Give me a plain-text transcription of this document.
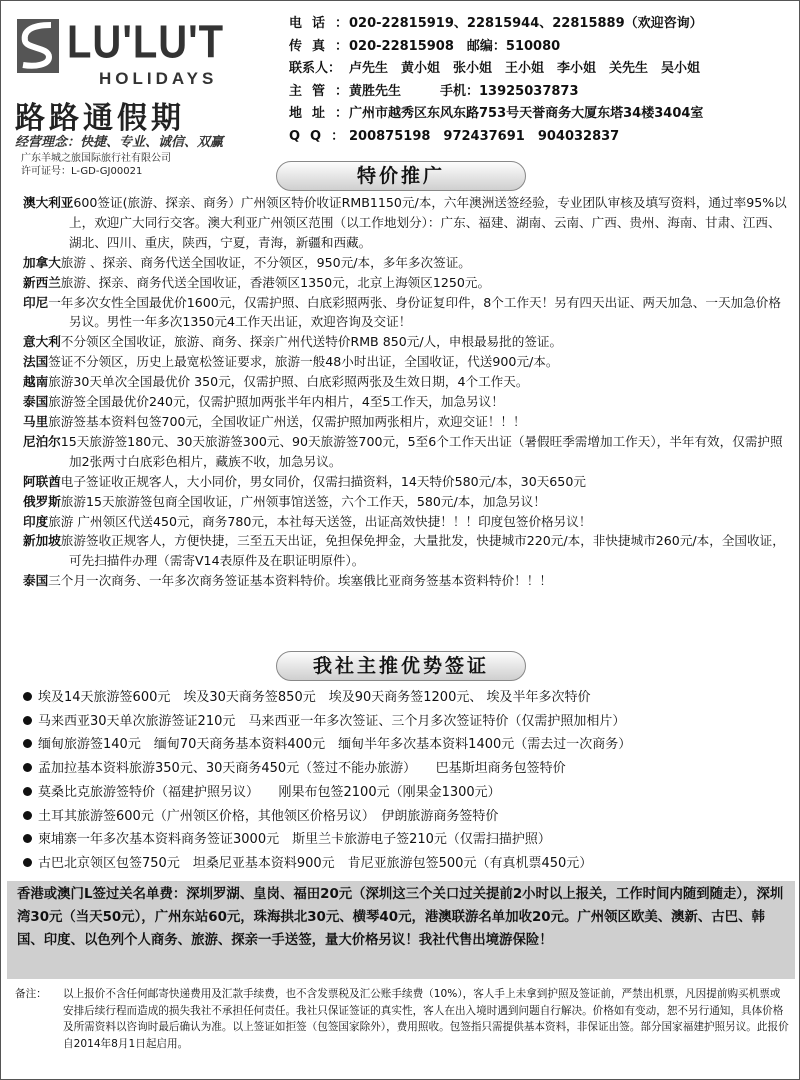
LU'LU'T
HOLIDAYS
路路通假期
经营理念：快捷、专业、诚信、双赢
广东羊城之旅国际旅行社有限公司
许可证号：L-GD-GJ00021
电话：
020-22815919、22815944、22815889（欢迎咨询）
传真：
020-22815908　邮编：510080
联系人： 卢先生　黄小姐　张小姐　王小姐　李小姐　关先生　吴小姐
主管：
黄胜先生　　　手机：13925037873
地址：
广州市越秀区东风东路753号天誉商务大厦东塔34楼3404室
QQ：
200875198　972437691　904032837
特价推广
澳大利亚600签证(旅游、探亲、商务）广州领区特价收证RMB1150元/本，六年澳洲送签经验，专业团队审核及填写资料，通过率95%以上，欢迎广大同行交客。澳大利亚广州领区范围（以工作地划分）：广东、福建、湖南、云南、广西、贵州、海南、甘肃、江西、湖北、四川、重庆，陕西，宁夏，青海，新疆和西藏。
加拿大旅游 、探亲、商务代送全国收证，不分领区，950元/本，多年多次签证。
新西兰旅游、探亲、商务代送全国收证，香港领区1350元，北京上海领区1250元。
印尼一年多次女性全国最优价1600元，仅需护照、白底彩照两张、身份证复印件，8个工作天！另有四天出证、两天加急、一天加急价格另议。男性一年多次1350元4工作天出证，欢迎咨询及交证！
意大利不分领区全国收证，旅游、商务、探亲广州代送特价RMB 850元/人，申根最易批的签证。
法国签证不分领区，历史上最宽松签证要求，旅游一般48小时出证，全国收证，代送900元/本。
越南旅游30天单次全国最优价 350元，仅需护照、白底彩照两张及生效日期，4个工作天。
泰国旅游签全国最优价240元，仅需护照加两张半年内相片，4至5工作天，加急另议！
马里旅游签基本资料包签700元，全国收证广州送，仅需护照加两张相片，欢迎交证！！！
尼泊尔15天旅游签180元、30天旅游签300元、90天旅游签700元，5至6个工作天出证（暑假旺季需增加工作天），半年有效，仅需护照加2张两寸白底彩色相片，藏族不收，加急另议。
阿联酋电子签证收正规客人，大小同价，男女同价，仅需扫描资料，14天特价580元/本，30天650元
俄罗斯旅游15天旅游签包商全国收证，广州领事馆送签，六个工作天，580元/本，加急另议！
印度旅游 广州领区代送450元，商务780元，本社每天送签，出证高效快捷！！！印度包签价格另议！
新加坡旅游签收正规客人，方便快捷，三至五天出证，免担保免押金，大量批发，快捷城市220元/本，非快捷城市260元/本，全国收证，可先扫描件办理（需寄V14表原件及在职证明原件）。
泰国三个月一次商务、一年多次商务签证基本资料特价。埃塞俄比亚商务签基本资料特价！！！
我社主推优势签证
埃及14天旅游签600元　埃及30天商务签850元　埃及90天商务签1200元、 埃及半年多次特价
马来西亚30天单次旅游签证210元　马来西亚一年多次签证、三个月多次签证特价（仅需护照加相片）
缅甸旅游签140元　缅甸70天商务基本资料400元　缅甸半年多次基本资料1400元（需去过一次商务）
孟加拉基本资料旅游350元、30天商务450元（签过不能办旅游）　　巴基斯坦商务包签特价
莫桑比克旅游签特价（福建护照另议）　　刚果布包签2100元（刚果金1300元）
土耳其旅游签600元（广州领区价格，其他领区价格另议）　伊朗旅游商务签特价
柬埔寨一年多次基本资料商务签证3000元　斯里兰卡旅游电子签210元（仅需扫描护照）
古巴北京领区包签750元　坦桑尼亚基本资料900元　肯尼亚旅游包签500元（有真机票450元）
香港或澳门L签过关名单费：深圳罗湖、皇岗、福田20元（深圳这三个关口过关提前2小时以上报关，工作时间内随到随走），深圳湾30元（当天50元），广州东站60元，珠海拱北30元、横琴40元，港澳联游名单加收20元。广州领区欧美、澳新、古巴、韩国、印度、以色列个人商务、旅游、探亲一手送签，量大价格另议！我社代售出境游保险！
备注：	以上报价不含任何邮寄快递费用及汇款手续费，也不含发票税及汇公账手续费（10%），客人手上未拿到护照及签证前，严禁出机票，凡因提前购买机票或安排后续行程而造成的损失我社不承担任何责任。我社只保证签证的真实性，客人在出入境时遇到问题自行解决。价格如有变动，恕不另行通知，具体价格及所需资料以咨询时最后确认为准。以上签证如拒签（包签国家除外），费用照收。包签指只需提供基本资料，非保证出签。部分国家福建护照另议。此报价自2014年8月1日起启用。
